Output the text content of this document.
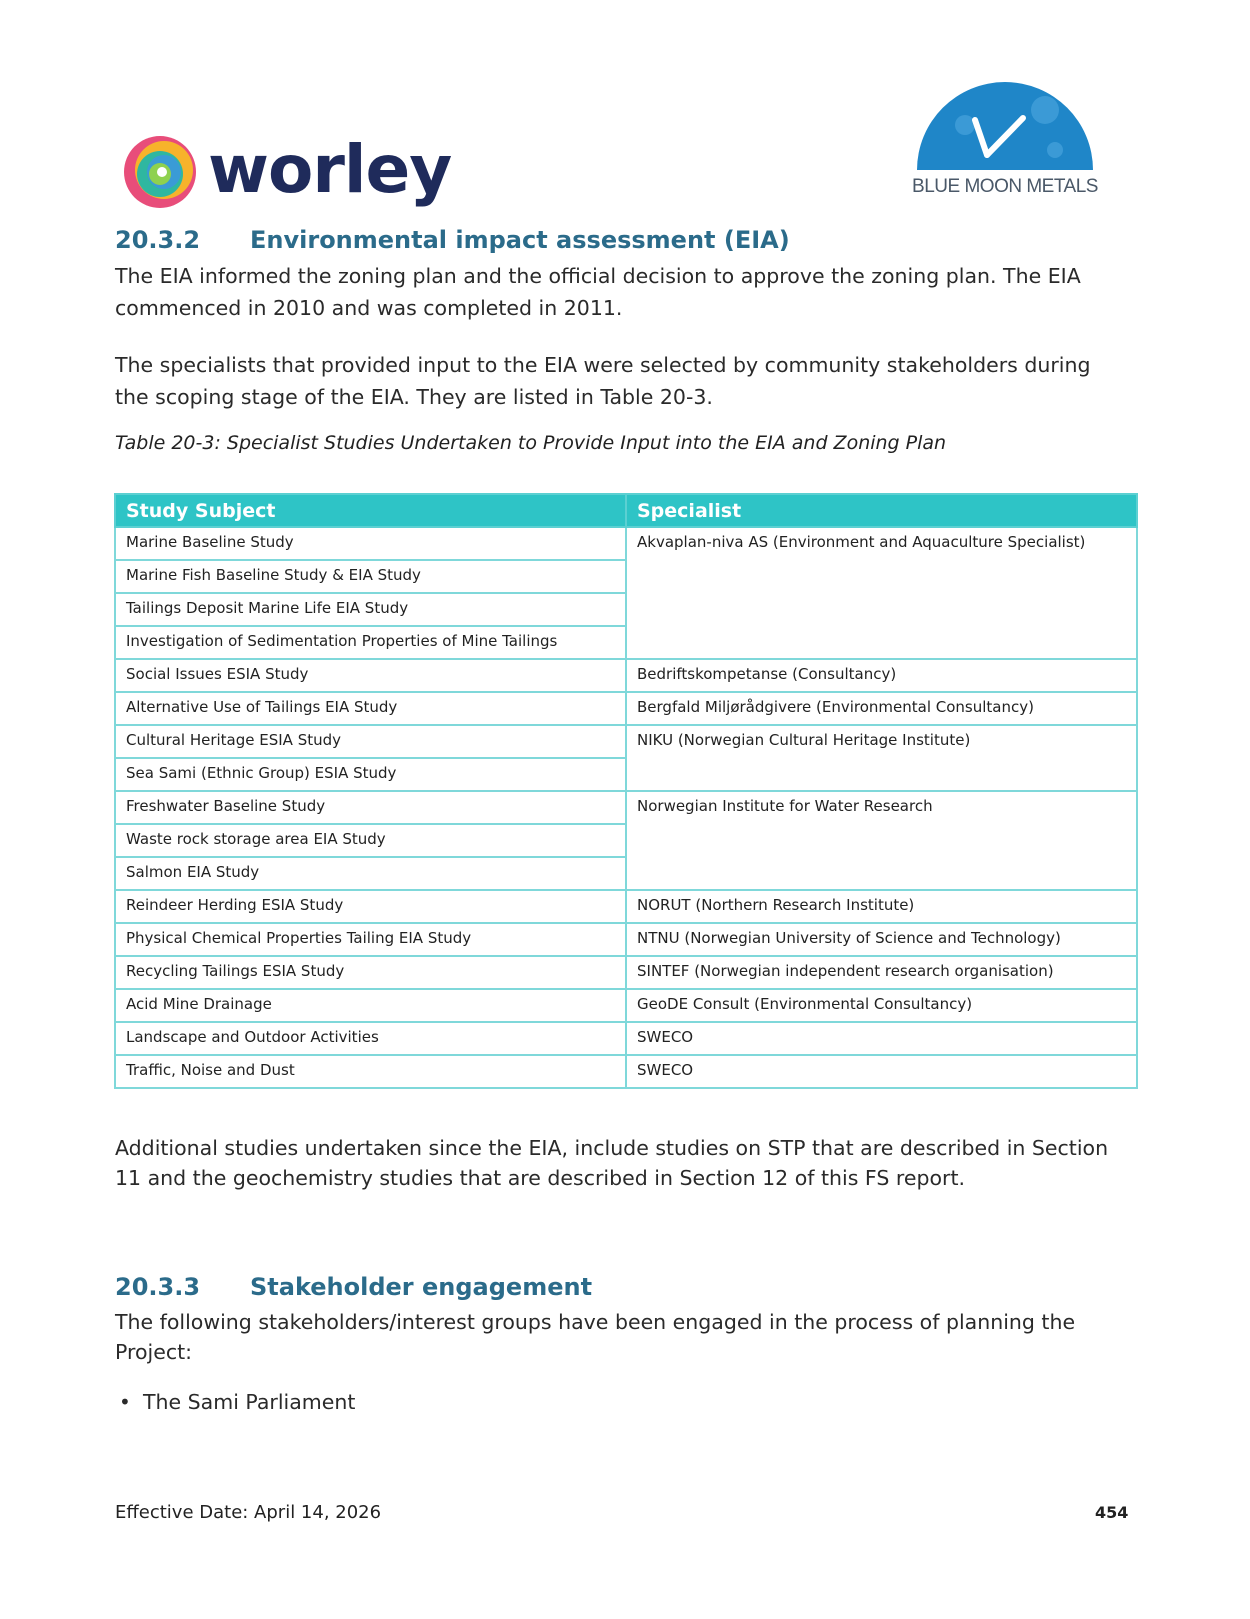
worley	BLUE MOON METALS
20.3.2 Environmental impact assessment (EIA)
The EIA informed the zoning plan and the official decision to approve the zoning plan. The EIA commenced in 2010 and was completed in 2011.
The specialists that provided input to the EIA were selected by community stakeholders during the scoping stage of the EIA. They are listed in Table 20-3.
Table 20-3: Specialist Studies Undertaken to Provide Input into the EIA and Zoning Plan
Study Subject	Specialist
Marine Baseline Study	Akvaplan-niva AS (Environment and Aquaculture Specialist)
Marine Fish Baseline Study & EIA Study	
Tailings Deposit Marine Life EIA Study	
Investigation of Sedimentation Properties of Mine Tailings	
Social Issues ESIA Study	Bedriftskompetanse (Consultancy)
Alternative Use of Tailings EIA Study	Bergfald Miljørådgivere (Environmental Consultancy)
Cultural Heritage ESIA Study	NIKU (Norwegian Cultural Heritage Institute)
Sea Sami (Ethnic Group) ESIA Study	
Freshwater Baseline Study	Norwegian Institute for Water Research
Waste rock storage area EIA Study	
Salmon EIA Study	
Reindeer Herding ESIA Study	NORUT (Northern Research Institute)
Physical Chemical Properties Tailing EIA Study	NTNU (Norwegian University of Science and Technology)
Recycling Tailings ESIA Study	SINTEF (Norwegian independent research organisation)
Acid Mine Drainage	GeoDE Consult (Environmental Consultancy)
Landscape and Outdoor Activities	SWECO
Traffic, Noise and Dust	SWECO
Additional studies undertaken since the EIA, include studies on STP that are described in Section 11 and the geochemistry studies that are described in Section 12 of this FS report.
20.3.3 Stakeholder engagement
The following stakeholders/interest groups have been engaged in the process of planning the Project:
• The Sami Parliament
Effective Date: April 14, 2026	454
